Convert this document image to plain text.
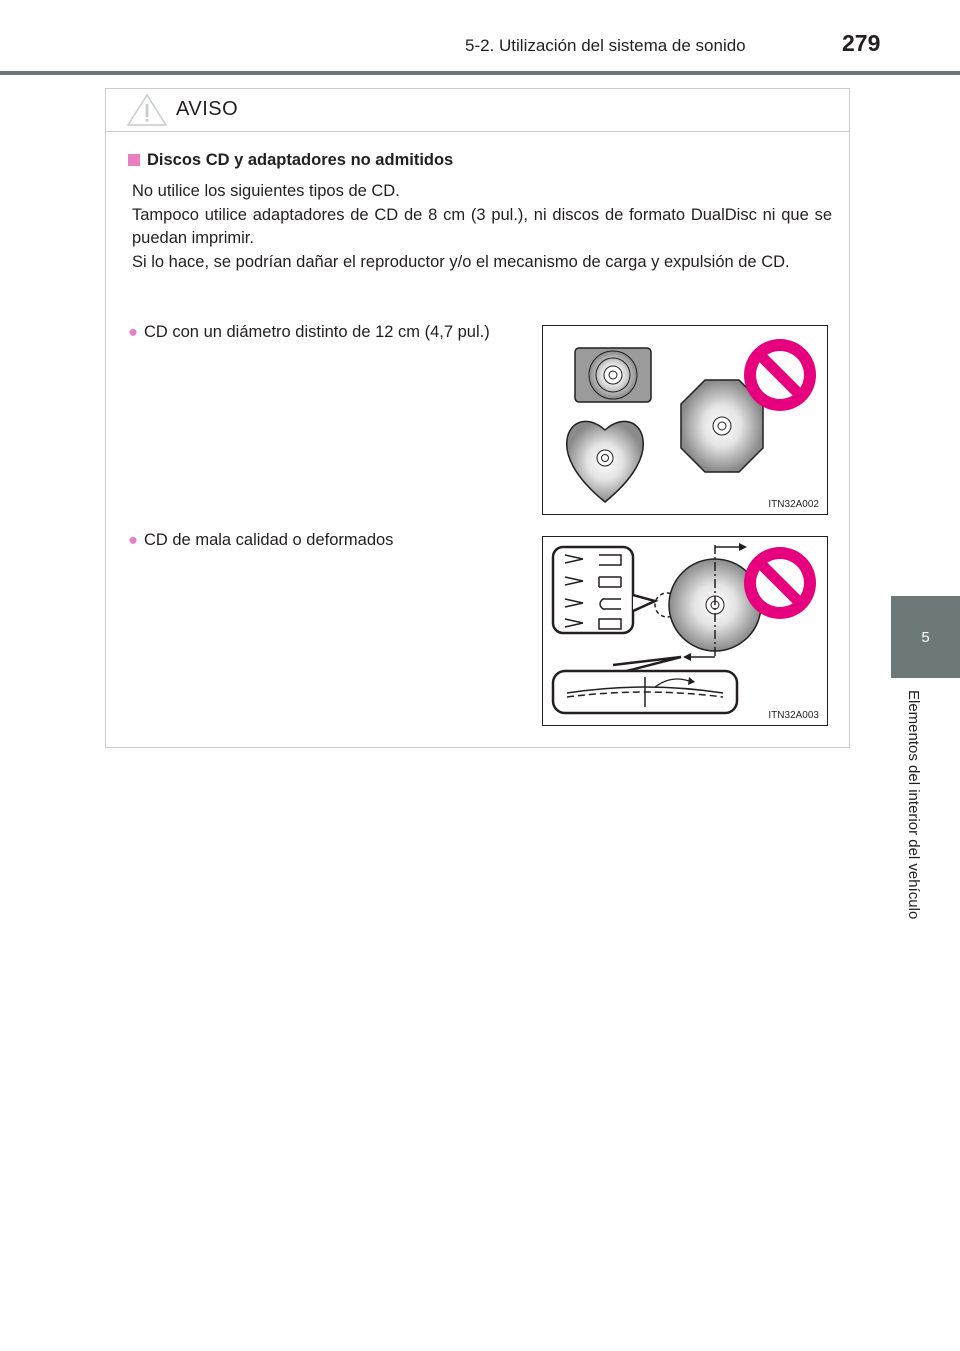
5-2. Utilización del sistema de sonido	279
5
Elementos del interior del vehículo
AVISO
Discos CD y adaptadores no admitidos

No utilice los siguientes tipos de CD.

Tampoco utilice adaptadores de CD de 8 cm (3 pul.), ni discos de formato DualDisc ni que se puedan imprimir.

Si lo hace, se podrían dañar el reproductor y/o el mecanismo de carga y expulsión de CD.

● CD con un diámetro distinto de 12 cm (4,7 pul.)
ITN32A002
● CD de mala calidad o deformados
ITN32A003
